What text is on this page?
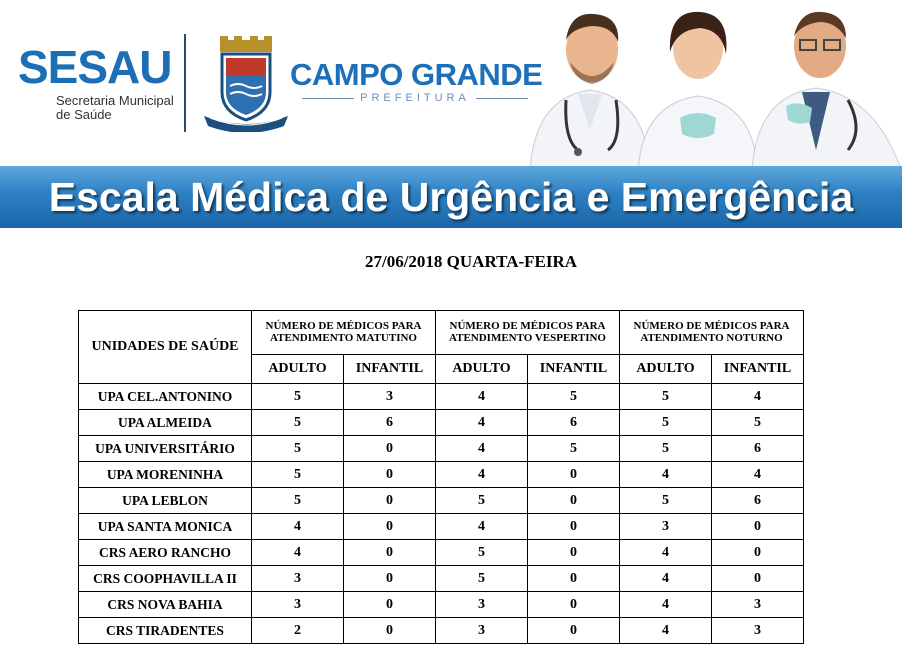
SESAU
Secretaria Municipal
de Saúde
CAMPO GRANDE
PREFEITURA
Escala Médica de Urgência e Emergência
27/06/2018 QUARTA-FEIRA
UNIDADES DE SAÚDE	NÚMERO DE MÉDICOS PARA ATENDIMENTO MATUTINO		NÚMERO DE MÉDICOS PARA ATENDIMENTO VESPERTINO		NÚMERO DE MÉDICOS PARA ATENDIMENTO NOTURNO	
	ADULTO	INFANTIL	ADULTO	INFANTIL	ADULTO	INFANTIL
UPA CEL.ANTONINO	5	3	4	5	5	4
UPA ALMEIDA	5	6	4	6	5	5
UPA UNIVERSITÁRIO	5	0	4	5	5	6
UPA MORENINHA	5	0	4	0	4	4
UPA LEBLON	5	0	5	0	5	6
UPA SANTA MONICA	4	0	4	0	3	0
CRS AERO RANCHO	4	0	5	0	4	0
CRS COOPHAVILLA II	3	0	5	0	4	0
CRS NOVA BAHIA	3	0	3	0	4	3
CRS TIRADENTES	2	0	3	0	4	3
